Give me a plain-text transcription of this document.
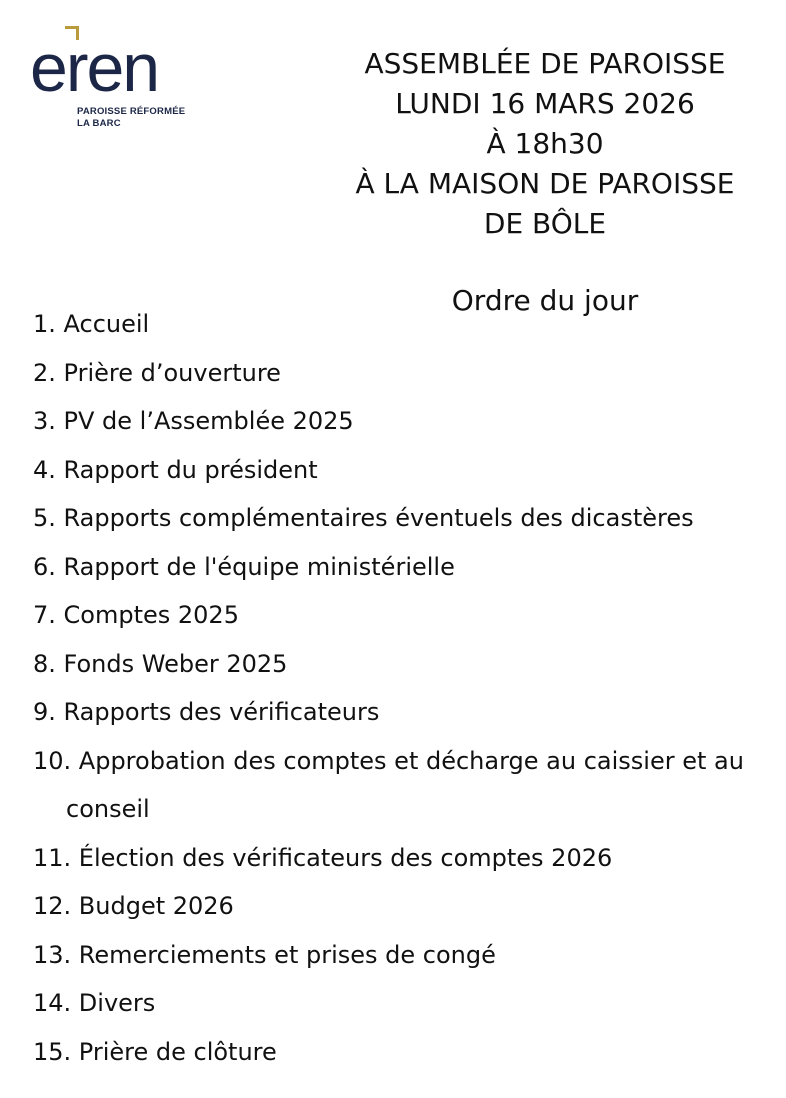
eren
PAROISSE RÉFORMÉE
LA BARC
ASSEMBLÉE DE PAROISSE
LUNDI 16 MARS 2026
À 18h30
À LA MAISON DE PAROISSE
DE BÔLE
Ordre du jour
1. Accueil
2. Prière d’ouverture
3. PV de l’Assemblée 2025
4. Rapport du président
5. Rapports complémentaires éventuels des dicastères
6. Rapport de l'équipe ministérielle
7. Comptes 2025
8. Fonds Weber 2025
9. Rapports des vérificateurs
10. Approbation des comptes et décharge au caissier et au conseil
11. Élection des vérificateurs des comptes 2026
12. Budget 2026
13. Remerciements et prises de congé
14. Divers
15. Prière de clôture
